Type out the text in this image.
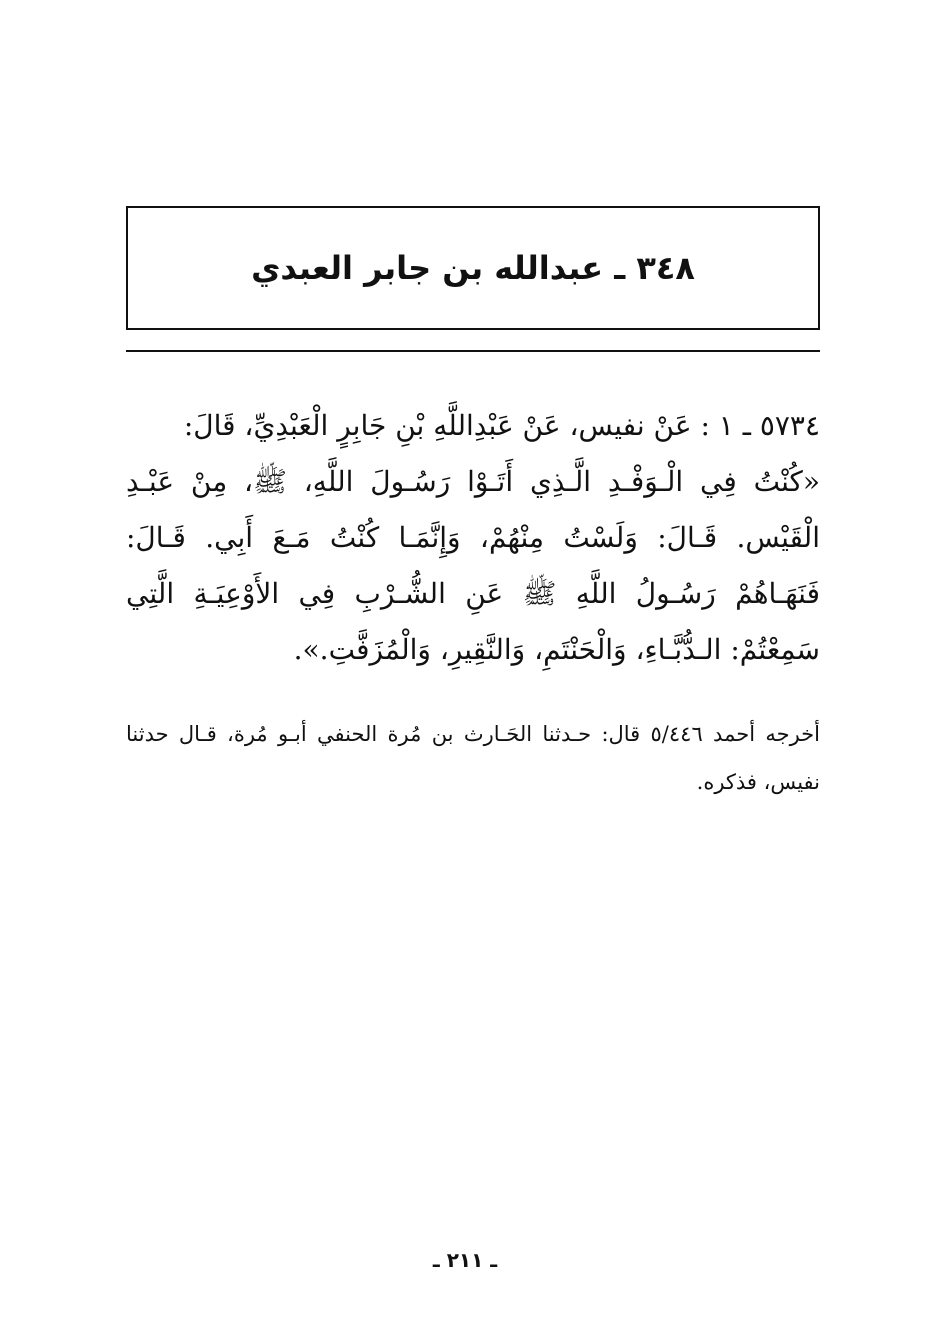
٣٤٨ ـ عبدالله بن جابر العبدي

٥٧٣٤ ـ ١ : عَنْ نفيس، عَنْ عَبْدِاللَّهِ بْنِ جَابِرٍ الْعَبْدِيِّ، قَالَ:

«كُنْتُ فِي الْـوَفْـدِ الَّـذِي أَتَـوْا رَسُـولَ اللَّهِ، ﷺ، مِنْ عَبْـدِ الْقَيْس. قَـالَ: وَلَسْتُ مِنْهُمْ، وَإِنَّمَـا كُنْتُ مَـعَ أَبِي. قَـالَ: فَنَهَـاهُمْ رَسُـولُ اللَّهِ ﷺ عَنِ الشُّـرْبِ فِي الأَوْعِيَـةِ الَّتِي سَمِعْتُمْ: الـدُّبَّـاءِ، وَالْحَنْتَمِ، وَالنَّقِيرِ، وَالْمُزَفَّتِ.».

أخرجه أحمد ٥/٤٤٦ قال: حـدثنا الحَـارث بن مُرة الحنفي أبـو مُرة، قـال حدثنا نفيس، فذكره.
ـ ٢١١ ـ
